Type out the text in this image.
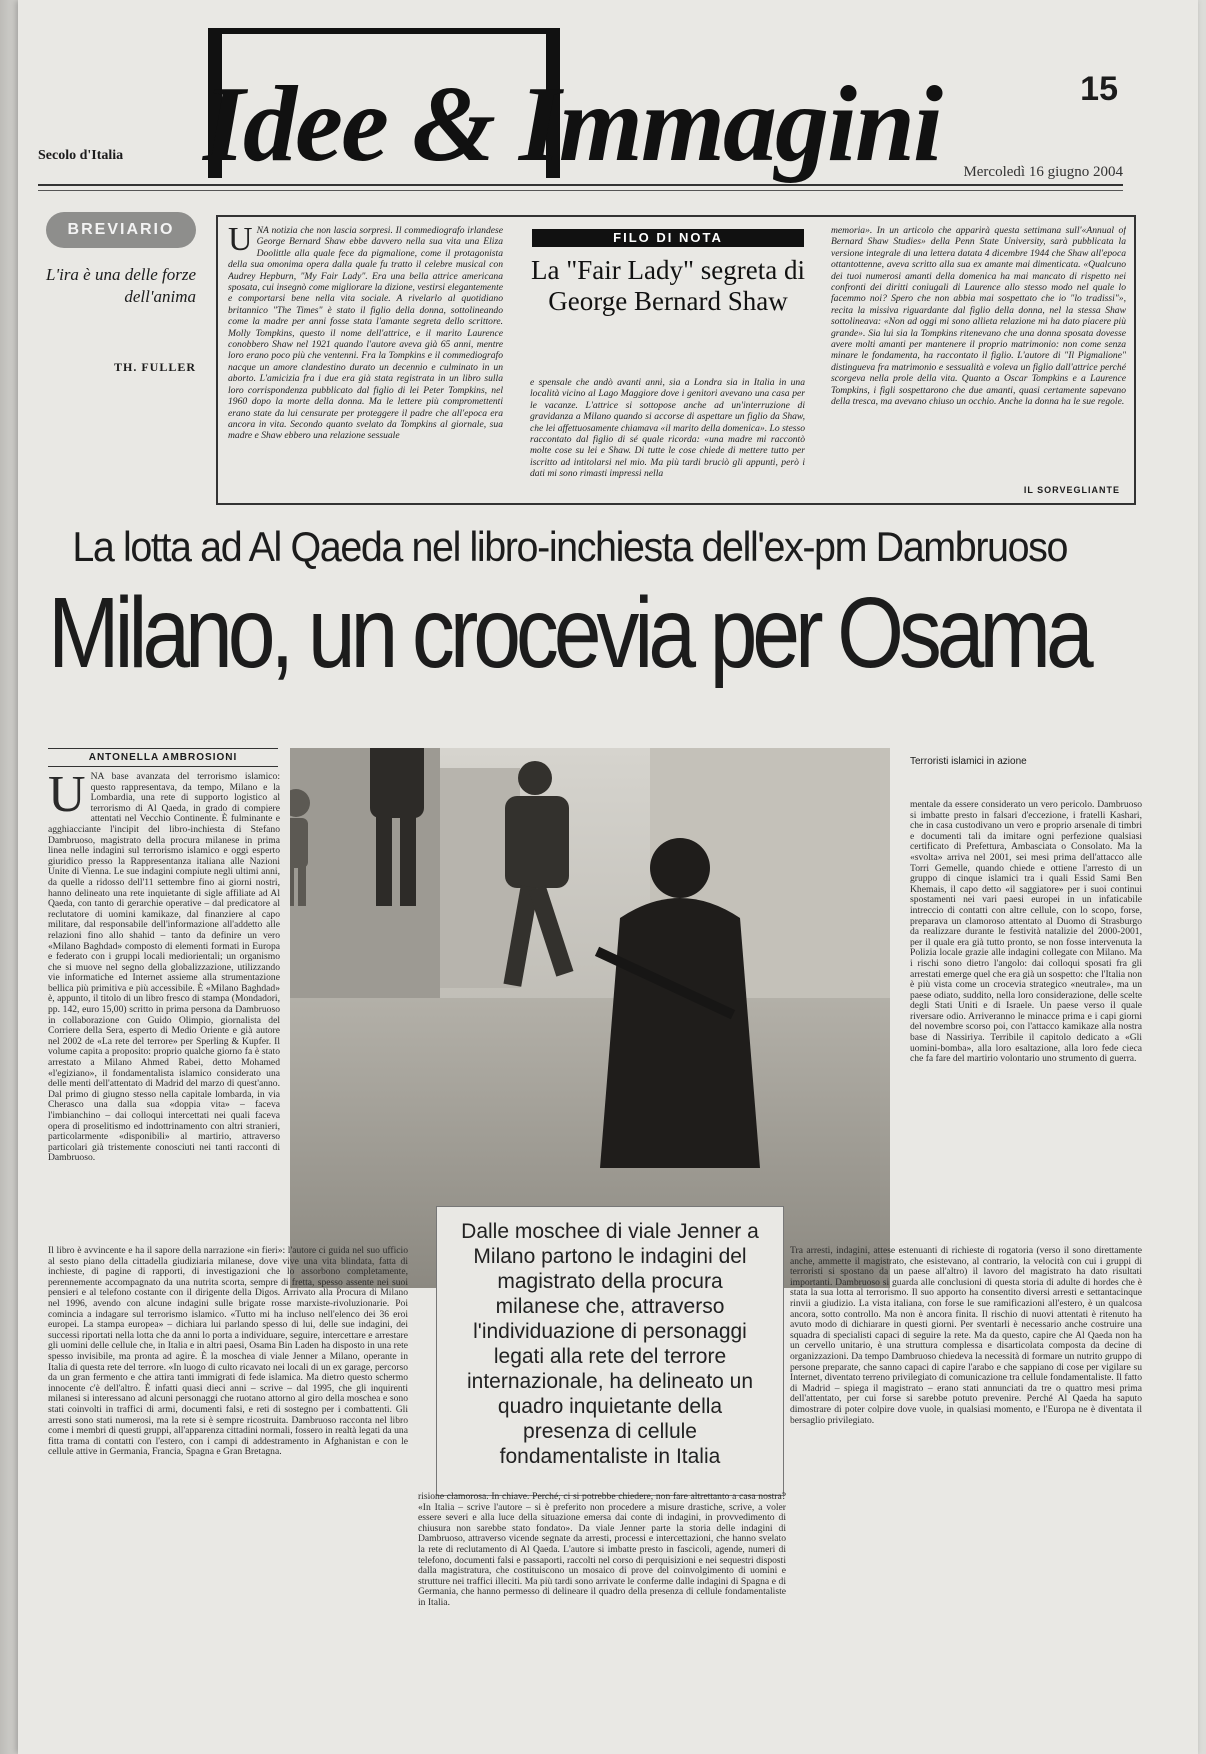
Idee & Immagini	15
Secolo d'Italia
Mercoledì 16 giugno 2004
BREVIARIO
L'ira è una delle forze dell'anima
TH. FULLER
UNA notizia che non lascia sorpresi. Il commediografo irlandese George Bernard Shaw ebbe davvero nella sua vita una Eliza Doolittle alla quale fece da pigmalione, come il protagonista della sua omonima opera dalla quale fu tratto il celebre musical con Audrey Hepburn, "My Fair Lady". Era una bella attrice americana sposata, cui insegnò come migliorare la dizione, vestirsi elegantemente e comportarsi bene nella vita sociale. A rivelarlo al quotidiano britannico "The Times" è stato il figlio della donna, sottolineando come la madre per anni fosse stata l'amante segreta dello scrittore. Molly Tompkins, questo il nome dell'attrice, e il marito Laurence conobbero Shaw nel 1921 quando l'autore aveva già 65 anni, mentre loro erano poco più che ventenni. Fra la Tompkins e il commediografo nacque un amore clandestino durato un decennio e culminato in un aborto. L'amicizia fra i due era già stata registrata in un libro sulla loro corrispondenza pubblicato dal figlio di lei Peter Tompkins, nel 1960 dopo la morte della donna. Ma le lettere più compromettenti erano state da lui censurate per proteggere il padre che all'epoca era ancora in vita. Secondo quanto svelato da Tompkins al giornale, sua madre e Shaw ebbero una relazione sessuale
FILO DI NOTA
La "Fair Lady" segreta di George Bernard Shaw
e spensale che andò avanti anni, sia a Londra sia in Italia in una località vicino al Lago Maggiore dove i genitori avevano una casa per le vacanze. L'attrice si sottopose anche ad un'interruzione di gravidanza a Milano quando si accorse di aspettare un figlio da Shaw, che lei affettuosamente chiamava «il marito della domenica». Lo stesso raccontato dal figlio di sé quale ricorda: «una madre mi raccontò molte cose su lei e Shaw. Di tutte le cose chiede di mettere tutto per iscritto ad intitolarsi nel mio. Ma più tardi bruciò gli appunti, però i dati mi sono rimasti impressi nella
memoria». In un articolo che apparirà questa settimana sull'«Annual of Bernard Shaw Studies» della Penn State University, sarà pubblicata la versione integrale di una lettera datata 4 dicembre 1944 che Shaw all'epoca ottantottenne, aveva scritto alla sua ex amante mai dimenticata. «Qualcuno dei tuoi numerosi amanti della domenica ha mai mancato di rispetto nei confronti dei diritti coniugali di Laurence allo stesso modo nel quale lo facemmo noi? Spero che non abbia mai sospettato che io "lo tradissi"», recita la missiva riguardante dal figlio della donna, nel la stessa Shaw sottolineava: «Non ad oggi mi sono allieta relazione mi ha dato piacere più grande». Sia lui sia la Tompkins ritenevano che una donna sposata dovesse avere molti amanti per mantenere il proprio matrimonio: non come senza minare le fondamenta, ha raccontato il figlio. L'autore di "Il Pigmalione" distingueva fra matrimonio e sessualità e voleva un figlio dall'attrice perché scorgeva nella prole della vita. Quanto a Oscar Tompkins e a Laurence Tompkins, i figli sospettarono che due amanti, quasi certamente sapevano della tresca, ma avevano chiuso un occhio. Anche la donna ha le sue regole.
IL SORVEGLIANTE
La lotta ad Al Qaeda nel libro-inchiesta dell'ex-pm Dambruoso
Milano, un crocevia per Osama
ANTONELLA AMBROSIONI
UNA base avanzata del terrorismo islamico: questo rappresentava, da tempo, Milano e la Lombardia, una rete di supporto logistico al terrorismo di Al Qaeda, in grado di compiere attentati nel Vecchio Continente. È fulminante e agghiacciante l'incipit del libro-inchiesta di Stefano Dambruoso, magistrato della procura milanese in prima linea nelle indagini sul terrorismo islamico e oggi esperto giuridico presso la Rappresentanza italiana alle Nazioni Unite di Vienna. Le sue indagini compiute negli ultimi anni, da quelle a ridosso dell'11 settembre fino ai giorni nostri, hanno delineato una rete inquietante di sigle affiliate ad Al Qaeda, con tanto di gerarchie operative – dal predicatore al reclutatore di uomini kamikaze, dal finanziere al capo militare, dal responsabile dell'informazione all'addetto alle relazioni fino allo shahid – tanto da definire un vero «Milano Baghdad» composto di elementi formati in Europa e federato con i gruppi locali mediorientali; un organismo che si muove nel segno della globalizzazione, utilizzando vie informatiche ed Internet assieme alla strumentazione bellica più primitiva e più accessibile. È «Milano Baghdad» è, appunto, il titolo di un libro fresco di stampa (Mondadori, pp. 142, euro 15,00) scritto in prima persona da Dambruoso in collaborazione con Guido Olimpio, giornalista del Corriere della Sera, esperto di Medio Oriente e già autore nel 2002 de «La rete del terrore» per Sperling & Kupfer. Il volume capita a proposito: proprio qualche giorno fa è stato arrestato a Milano Ahmed Rabei, detto Mohamed «l'egiziano», il fondamentalista islamico considerato una delle menti dell'attentato di Madrid del marzo di quest'anno. Dal primo di giugno stesso nella capitale lombarda, in via Cherasco una dalla sua «doppia vita» – faceva l'imbianchino – dai colloqui intercettati nei quali faceva opera di proselitismo ed indottrinamento con altri stranieri, particolarmente «disponibili» al martirio, attraverso particolari già tristemente conosciuti nei tanti racconti di Dambruoso.
Terroristi islamici in azione
mentale da essere considerato un vero pericolo. Dambruoso si imbatte presto in falsari d'eccezione, i fratelli Kashari, che in casa custodivano un vero e proprio arsenale di timbri e documenti tali da imitare ogni perfezione qualsiasi certificato di Prefettura, Ambasciata o Consolato. Ma la «svolta» arriva nel 2001, sei mesi prima dell'attacco alle Torri Gemelle, quando chiede e ottiene l'arresto di un gruppo di cinque islamici tra i quali Essid Sami Ben Khemais, il capo detto «il saggiatore» per i suoi continui spostamenti nei vari paesi europei in un infaticabile intreccio di contatti con altre cellule, con lo scopo, forse, preparava un clamoroso attentato al Duomo di Strasburgo da realizzare durante le festività natalizie del 2000-2001, per il quale era già tutto pronto, se non fosse intervenuta la Polizia locale grazie alle indagini collegate con Milano. Ma i rischi sono dietro l'angolo: dai colloqui sposati fra gli arrestati emerge quel che era già un sospetto: che l'Italia non è più vista come un crocevia strategico «neutrale», ma un paese odiato, suddito, nella loro considerazione, delle scelte degli Stati Uniti e di Israele. Un paese verso il quale riversare odio. Arriveranno le minacce prima e i capi giorni del novembre scorso poi, con l'attacco kamikaze alla nostra base di Nassiriya. Terribile il capitolo dedicato a «Gli uomini-bomba», alla loro esaltazione, alla loro fede cieca che fa fare del martirio volontario uno strumento di guerra.
Dalle moschee di viale Jenner a Milano partono le indagini del magistrato della procura milanese che, attraverso l'individuazione di personaggi legati alla rete del terrore internazionale, ha delineato un quadro inquietante della presenza di cellule fondamentaliste in Italia
Il libro è avvincente e ha il sapore della narrazione «in fieri»: l'autore ci guida nel suo ufficio al sesto piano della cittadella giudiziaria milanese, dove vive una vita blindata, fatta di inchieste, di pagine di rapporti, di investigazioni che lo assorbono completamente, perennemente accompagnato da una nutrita scorta, sempre di fretta, spesso assente nei suoi pensieri e al telefono costante con il dirigente della Digos. Arrivato alla Procura di Milano nel 1996, avendo con alcune indagini sulle brigate rosse marxiste-rivoluzionarie. Poi comincia a indagare sul terrorismo islamico. «Tutto mi ha incluso nell'elenco dei 36 eroi europei. La stampa europea» – dichiara lui parlando spesso di lui, delle sue indagini, dei successi riportati nella lotta che da anni lo porta a individuare, seguire, intercettare e arrestare gli uomini delle cellule che, in Italia e in altri paesi, Osama Bin Laden ha disposto in una rete spesso invisibile, ma pronta ad agire. È la moschea di viale Jenner a Milano, operante in Italia di questa rete del terrore. «In luogo di culto ricavato nei locali di un ex garage, percorso da un gran fermento e che attira tanti immigrati di fede islamica. Ma dietro questo schermo innocente c'è dell'altro. È infatti quasi dieci anni – scrive – dal 1995, che gli inquirenti milanesi si interessano ad alcuni personaggi che ruotano attorno al giro della moschea e sono stati coinvolti in traffici di armi, documenti falsi, e reti di sostegno per i combattenti. Gli arresti sono stati numerosi, ma la rete si è sempre ricostruita. Dambruoso racconta nel libro come i membri di questi gruppi, all'apparenza cittadini normali, fossero in realtà legati da una fitta trama di contatti con l'estero, con i campi di addestramento in Afghanistan e con le cellule attive in Germania, Francia, Spagna e Gran Bretagna.
risione clamorosa. In chiave. Perché, ci si potrebbe chiedere, non fare altrettanto a casa nostra? «In Italia – scrive l'autore – si è preferito non procedere a misure drastiche, scrive, a voler essere severi e alla luce della situazione emersa dai conte di indagini, in provvedimento di chiusura non sarebbe stato fondato». Da viale Jenner parte la storia delle indagini di Dambruoso, attraverso vicende segnate da arresti, processi e intercettazioni, che hanno svelato la rete di reclutamento di Al Qaeda. L'autore si imbatte presto in fascicoli, agende, numeri di telefono, documenti falsi e passaporti, raccolti nel corso di perquisizioni e nei sequestri disposti dalla magistratura, che costituiscono un mosaico di prove del coinvolgimento di uomini e strutture nei traffici illeciti. Ma più tardi sono arrivate le conferme dalle indagini di Spagna e di Germania, che hanno permesso di delineare il quadro della presenza di cellule fondamentaliste in Italia.
Tra arresti, indagini, attese estenuanti di richieste di rogatoria (verso il sono direttamente anche, ammette il magistrato, che esistevano, al contrario, la velocità con cui i gruppi di terroristi si spostano da un paese all'altro) il lavoro del magistrato ha dato risultati importanti. Dambruoso si guarda alle conclusioni di questa storia di adulte di hordes che è stata la sua lotta al terrorismo. Il suo apporto ha consentito diversi arresti e settantacinque rinvii a giudizio. La vista italiana, con forse le sue ramificazioni all'estero, è un qualcosa ancora, sotto controllo. Ma non è ancora finita. Il rischio di nuovi attentati è ritenuto ha avuto modo di dichiarare in questi giorni. Per sventarli è necessario anche costruire una squadra di specialisti capaci di seguire la rete. Ma da questo, capire che Al Qaeda non ha un cervello unitario, è una struttura complessa e disarticolata composta da decine di organizzazioni. Da tempo Dambruoso chiedeva la necessità di formare un nutrito gruppo di persone preparate, che sanno capaci di capire l'arabo e che sappiano di cose per vigilare su Internet, diventato terreno privilegiato di comunicazione tra cellule fondamentaliste. Il fatto di Madrid – spiega il magistrato – erano stati annunciati da tre o quattro mesi prima dell'attentato, per cui forse si sarebbe potuto prevenire. Perché Al Qaeda ha saputo dimostrare di poter colpire dove vuole, in qualsiasi momento, e l'Europa ne è diventata il bersaglio privilegiato.
